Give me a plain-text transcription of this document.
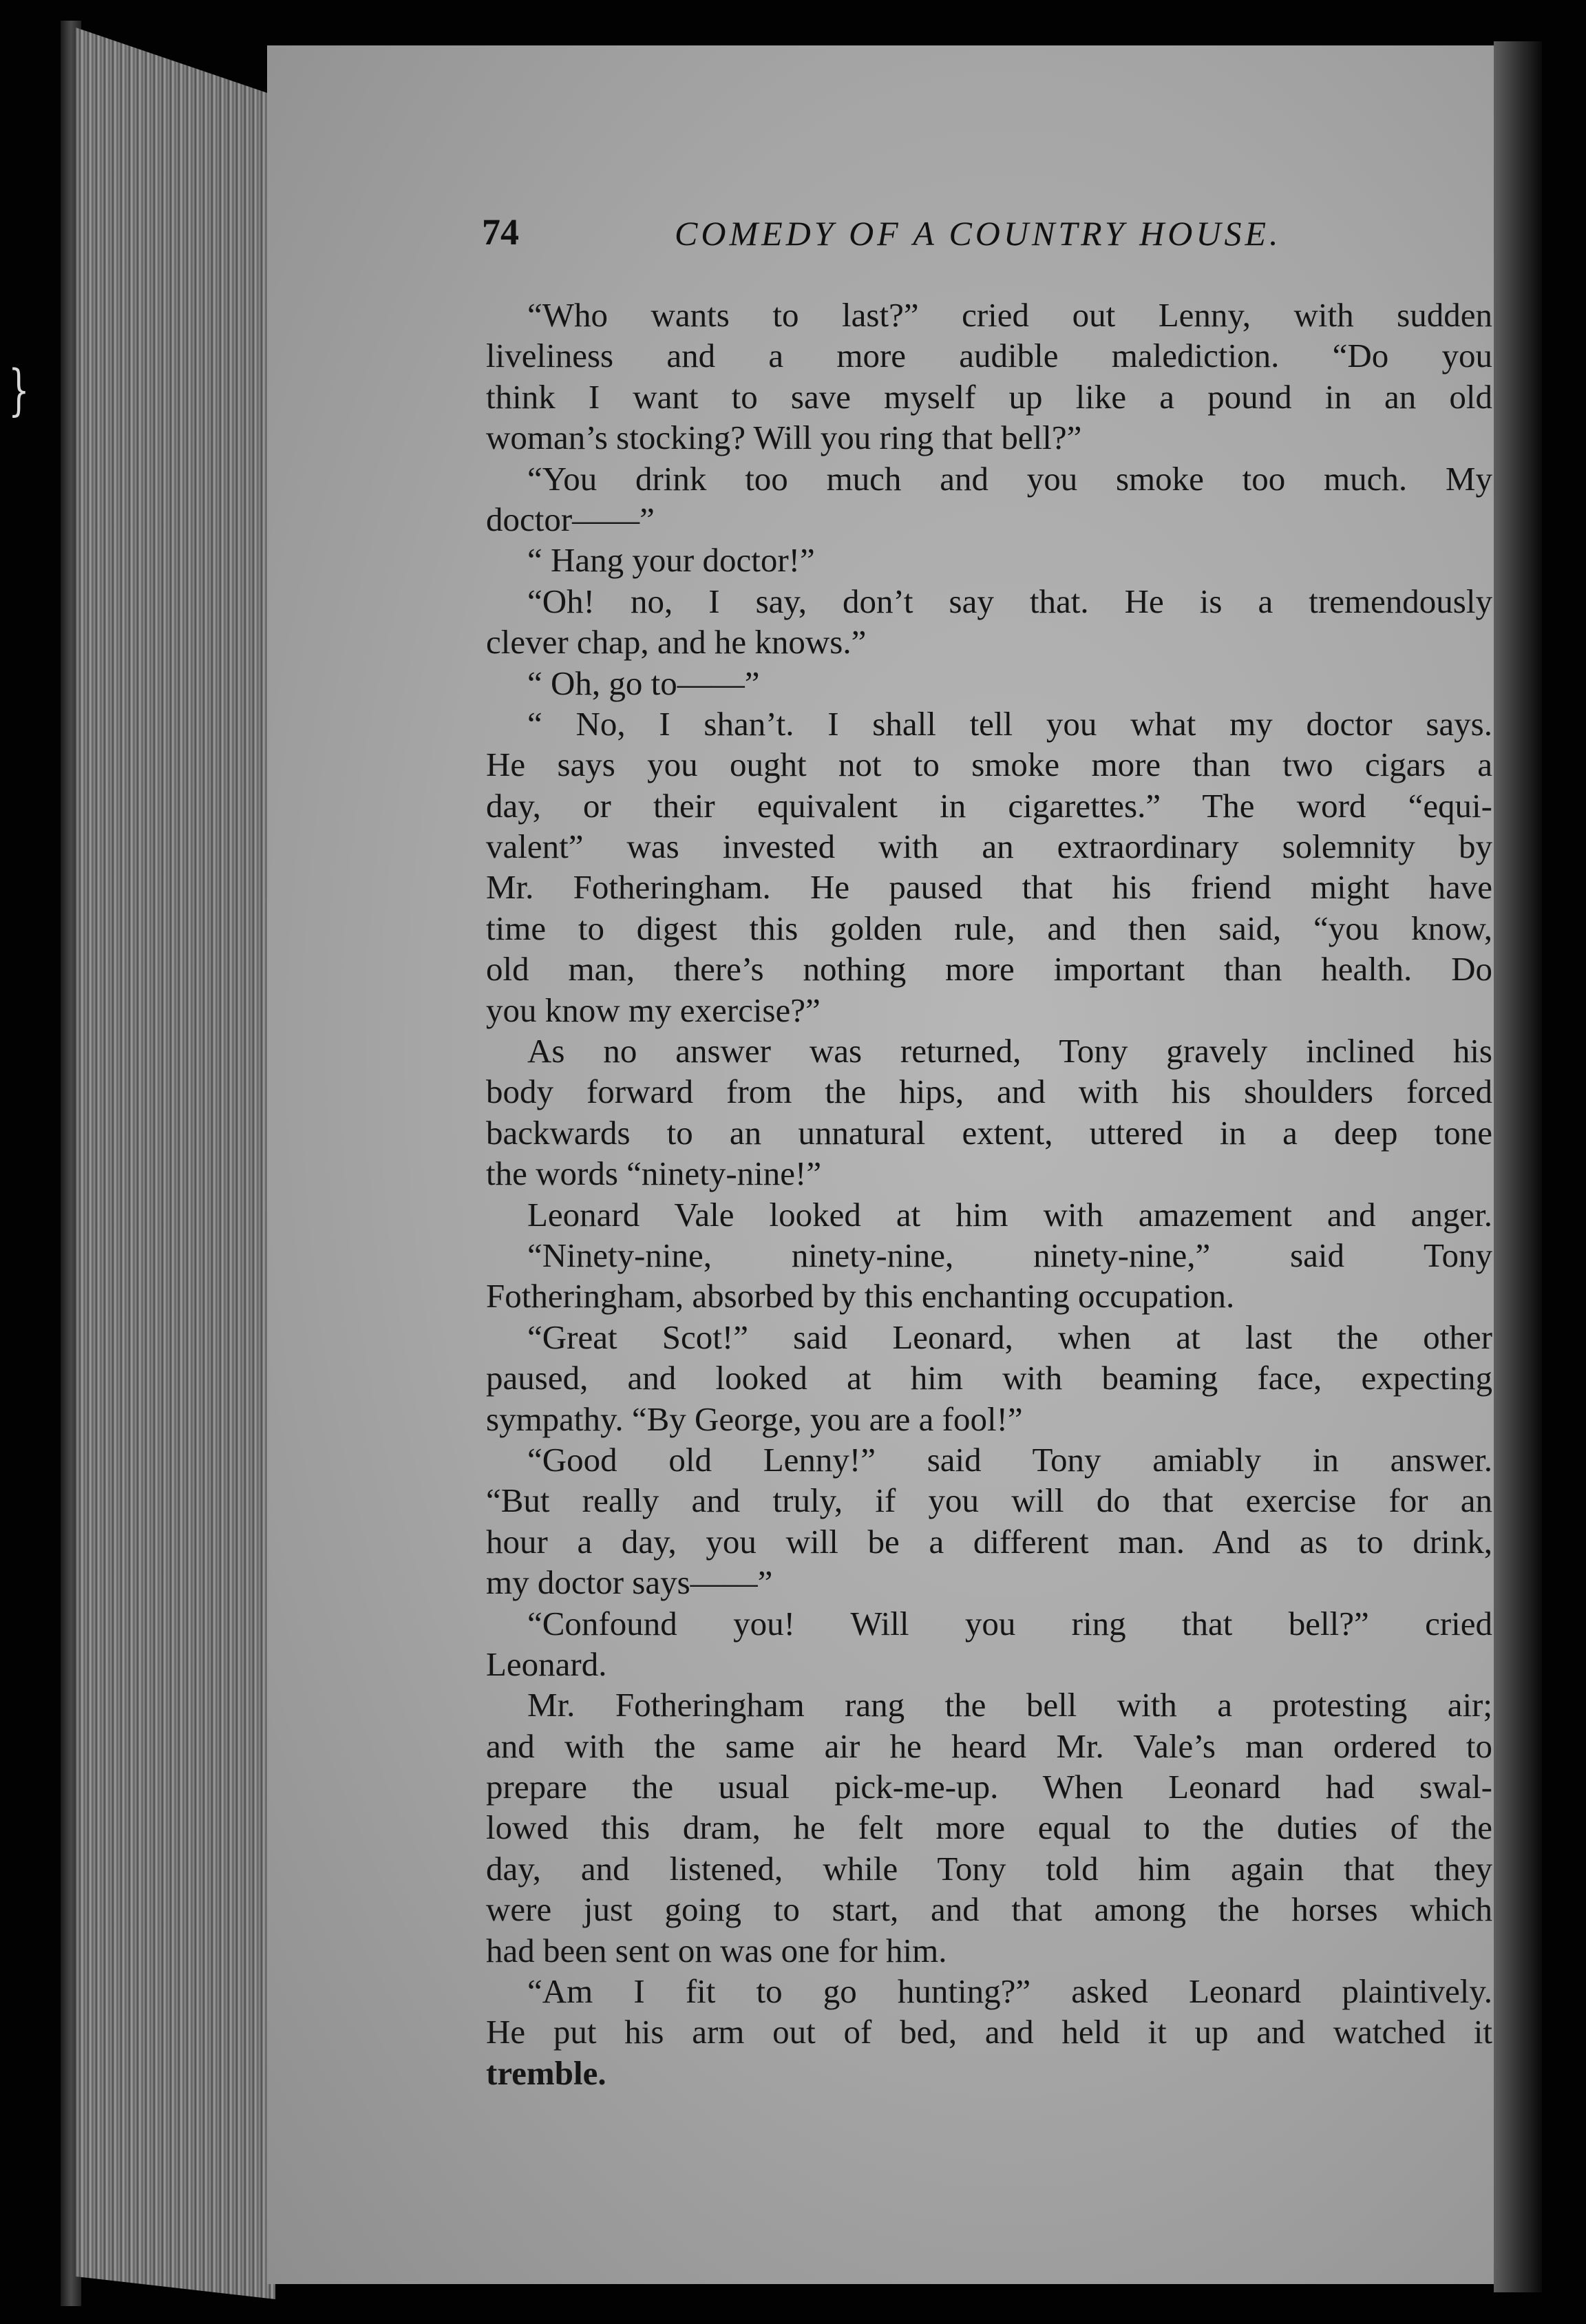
}
74	COMEDY OF A COUNTRY HOUSE.
“Who wants to last?” cried out Lenny, with sudden
liveliness and a more audible malediction. “Do you
think I want to save myself up like a pound in an old
woman’s stocking? Will you ring that bell?”
“You drink too much and you smoke too much. My
doctor——”
“ Hang your doctor!”
“Oh! no, I say, don’t say that. He is a tremendously
clever chap, and he knows.”
“ Oh, go to——”
“ No, I shan’t. I shall tell you what my doctor says.
He says you ought not to smoke more than two cigars a
day, or their equivalent in cigarettes.” The word “equi-
valent” was invested with an extraordinary solemnity by
Mr. Fotheringham. He paused that his friend might have
time to digest this golden rule, and then said, “you know,
old man, there’s nothing more important than health. Do
you know my exercise?”
As no answer was returned, Tony gravely inclined his
body forward from the hips, and with his shoulders forced
backwards to an unnatural extent, uttered in a deep tone
the words “ninety-nine!”
Leonard Vale looked at him with amazement and anger.
“Ninety-nine, ninety-nine, ninety-nine,” said Tony
Fotheringham, absorbed by this enchanting occupation.
“Great Scot!” said Leonard, when at last the other
paused, and looked at him with beaming face, expecting
sympathy. “By George, you are a fool!”
“Good old Lenny!” said Tony amiably in answer.
“But really and truly, if you will do that exercise for an
hour a day, you will be a different man. And as to drink,
my doctor says——”
“Confound you! Will you ring that bell?” cried
Leonard.
Mr. Fotheringham rang the bell with a protesting air;
and with the same air he heard Mr. Vale’s man ordered to
prepare the usual pick-me-up. When Leonard had swal-
lowed this dram, he felt more equal to the duties of the
day, and listened, while Tony told him again that they
were just going to start, and that among the horses which
had been sent on was one for him.
“Am I fit to go hunting?” asked Leonard plaintively.
He put his arm out of bed, and held it up and watched it
tremble.
